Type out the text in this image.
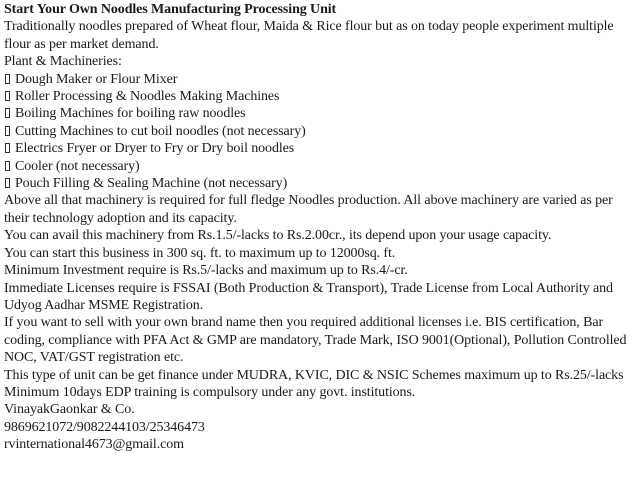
Start Your Own Noodles Manufacturing Processing Unit

Traditionally noodles prepared of Wheat flour, Maida & Rice flour but as on today people experiment multiple flour as per market demand.

Plant & Machineries:

Dough Maker or Flour Mixer
Roller Processing & Noodles Making Machines
Boiling Machines for boiling raw noodles
Cutting Machines to cut boil noodles (not necessary)
Electrics Fryer or Dryer to Fry or Dry boil noodles
Cooler (not necessary)
Pouch Filling & Sealing Machine (not necessary)

Above all that machinery is required for full fledge Noodles production. All above machinery are varied as per their technology adoption and its capacity.

You can avail this machinery from Rs.1.5/-lacks to Rs.2.00cr., its depend upon your usage capacity.

You can start this business in 300 sq. ft. to maximum up to 12000sq. ft.

Minimum Investment require is Rs.5/-lacks and maximum up to Rs.4/-cr.

Immediate Licenses require is FSSAI (Both Production & Transport), Trade License from Local Authority and Udyog Aadhar MSME Registration.

If you want to sell with your own brand name then you required additional licenses i.e. BIS certification, Bar coding, compliance with PFA Act & GMP are mandatory, Trade Mark, ISO 9001(Optional), Pollution Controlled NOC, VAT/GST registration etc.

This type of unit can be get finance under MUDRA, KVIC, DIC & NSIC Schemes maximum up to Rs.25/-lacks

Minimum 10days EDP training is compulsory under any govt. institutions.

VinayakGaonkar & Co.

9869621072/9082244103/25346473

rvinternational4673@gmail.com
